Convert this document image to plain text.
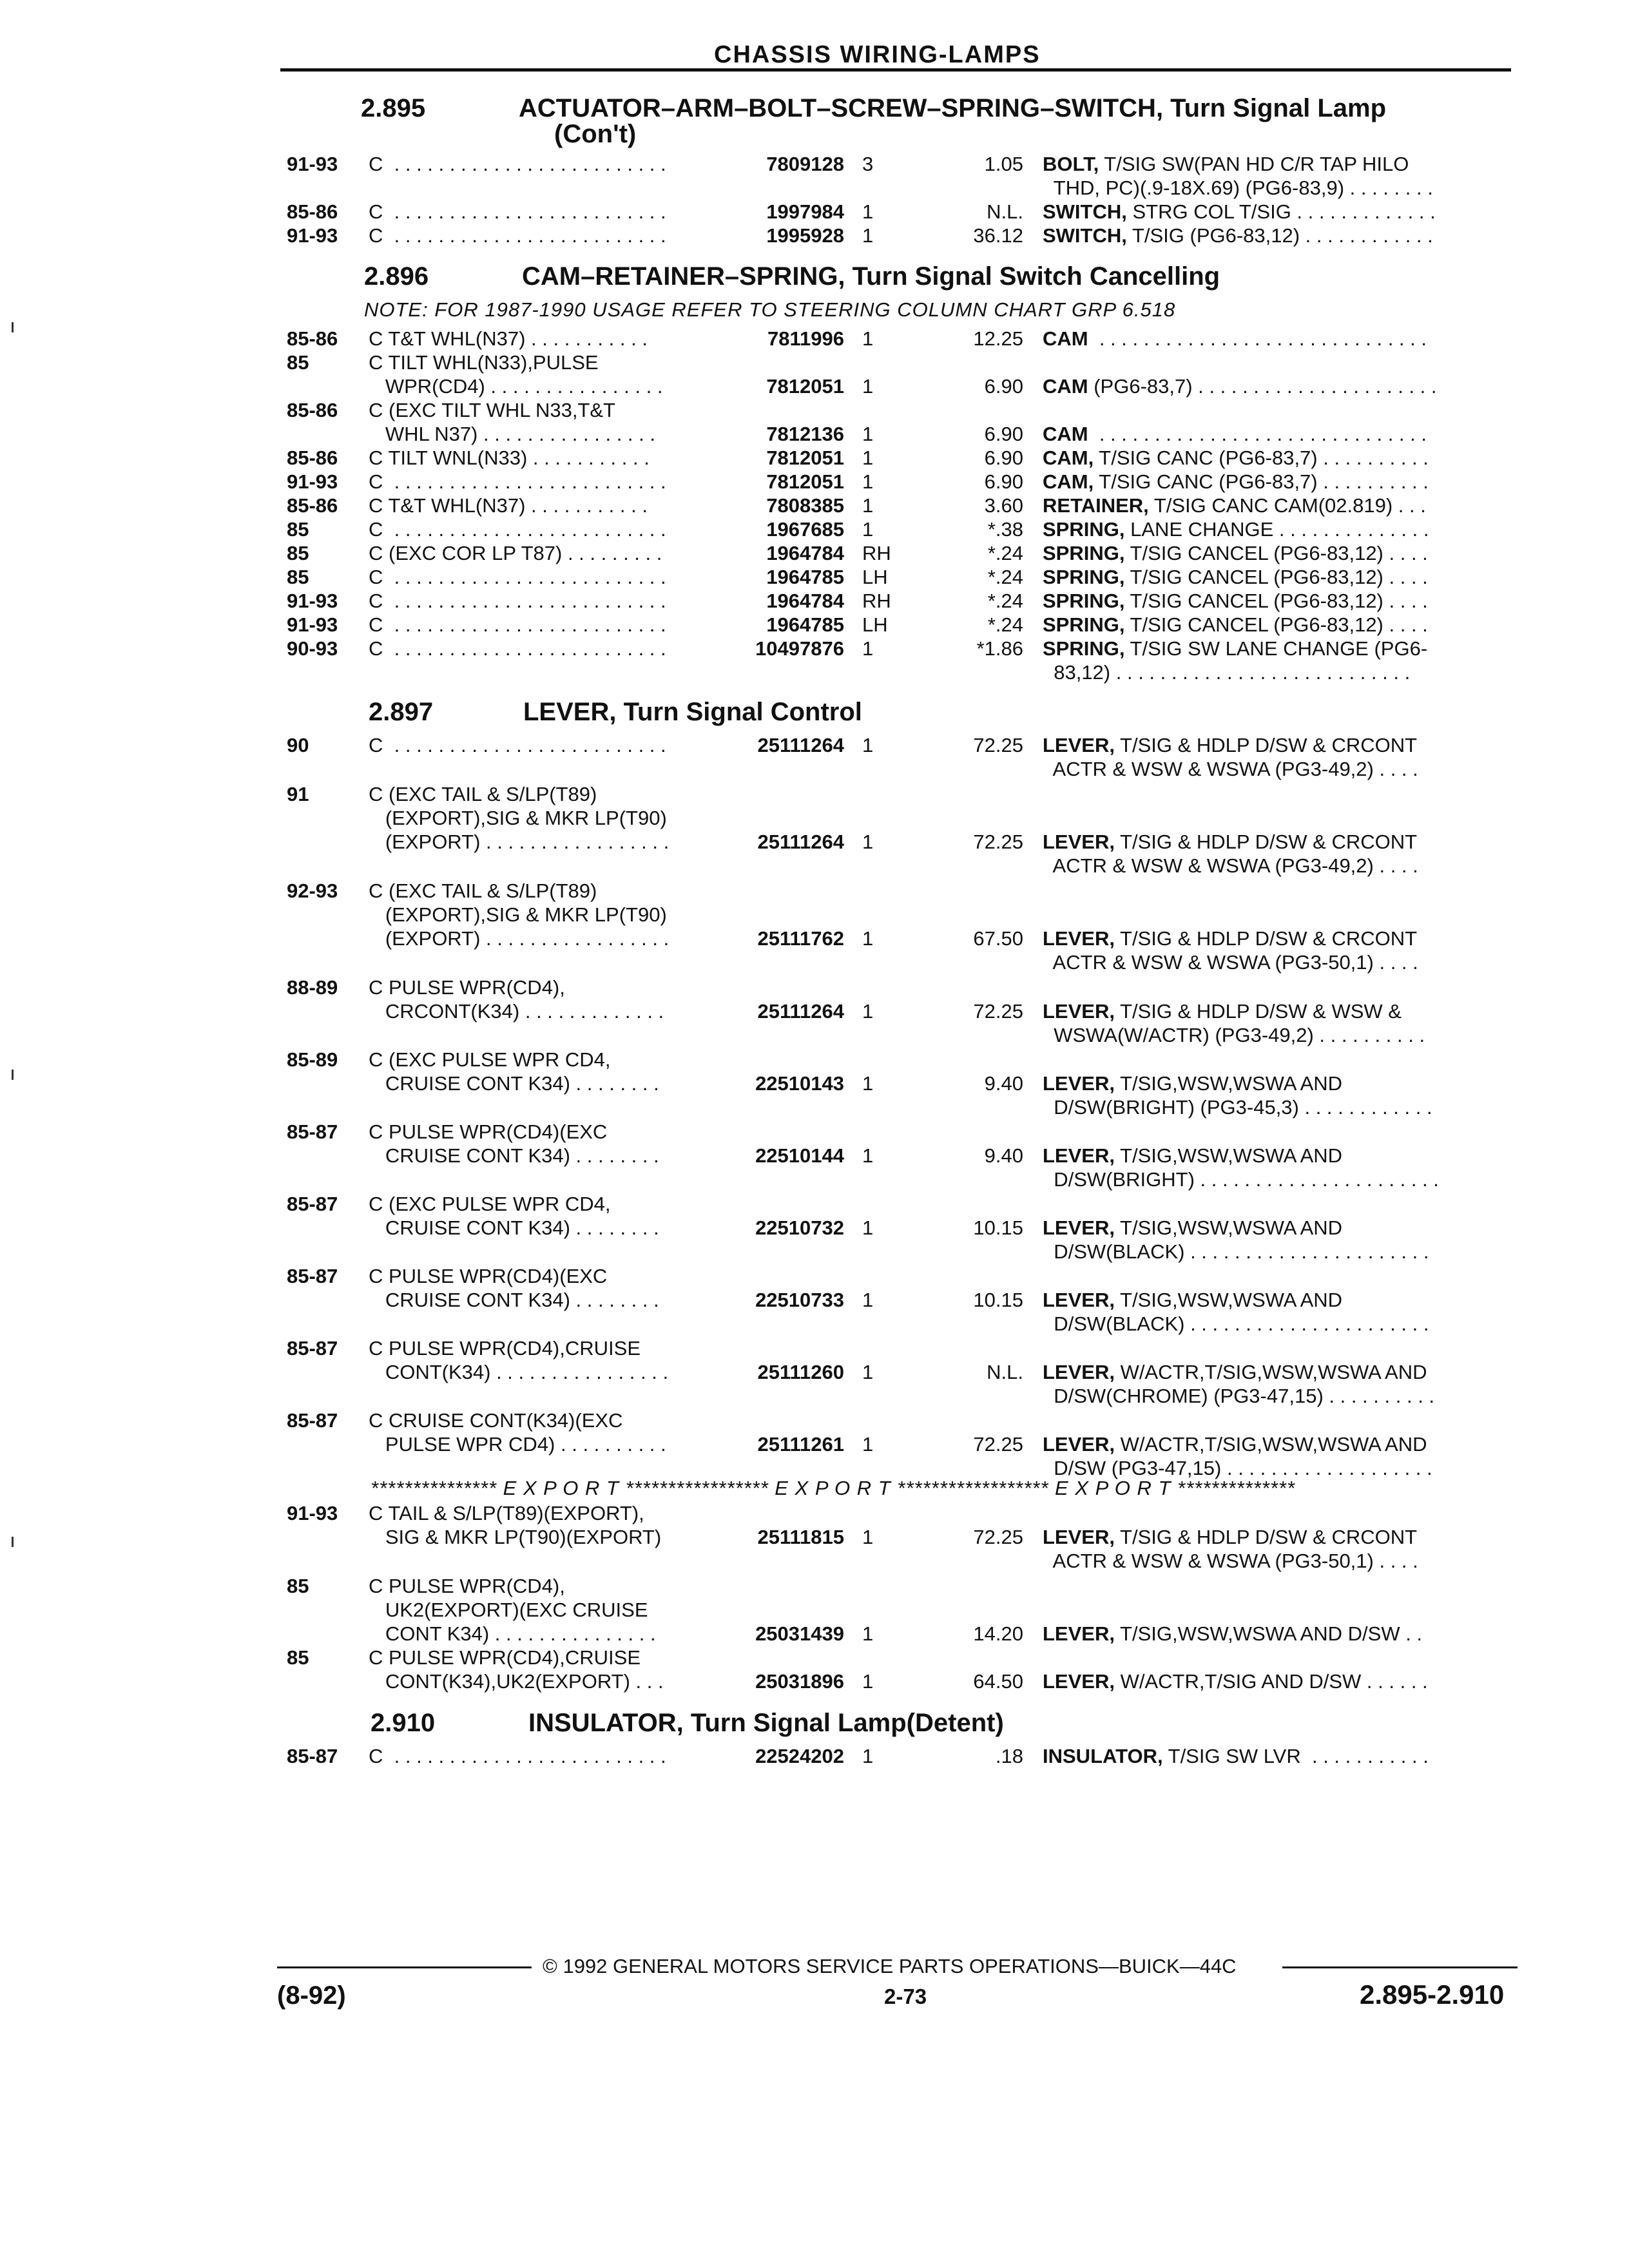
CHASSIS WIRING-LAMPS
2.895	ACTUATOR–ARM–BOLT–SCREW–SPRING–SWITCH, Turn Signal Lamp
(Con't)
2.896	CAM–RETAINER–SPRING, Turn Signal Switch Cancelling
NOTE: FOR 1987-1990 USAGE REFER TO STEERING COLUMN CHART GRP 6.518
2.897	LEVER, Turn Signal Control
2.910	INSULATOR, Turn Signal Lamp(Detent)
91-93 C  . . . . . . . . . . . . . . . . . . . . . . . . .	7809128 3	1.05 BOLT, T/SIG SW(PAN HD C/R TAP HILO
THD, PC)(.9-18X.69) (PG6-83,9) . . . . . . . .
85-86 C  . . . . . . . . . . . . . . . . . . . . . . . . .	1997984 1	N.L. SWITCH, STRG COL T/SIG . . . . . . . . . . . . .
91-93 C  . . . . . . . . . . . . . . . . . . . . . . . . .	1995928 1	36.12 SWITCH, T/SIG (PG6-83,12) . . . . . . . . . . . .
85-86 C T&T WHL(N37) . . . . . . . . . . .	7811996 1	12.25 CAM  . . . . . . . . . . . . . . . . . . . . . . . . . . . . . .
85	C TILT WHL(N33),PULSE
WPR(CD4) . . . . . . . . . . . . . . . .	7812051 1	6.90 CAM (PG6-83,7) . . . . . . . . . . . . . . . . . . . . . .
85-86 C (EXC TILT WHL N33,T&T
WHL N37) . . . . . . . . . . . . . . . .	7812136 1	6.90 CAM  . . . . . . . . . . . . . . . . . . . . . . . . . . . . . .
85-86 C TILT WNL(N33) . . . . . . . . . . .	7812051 1	6.90 CAM, T/SIG CANC (PG6-83,7) . . . . . . . . . .
91-93 C  . . . . . . . . . . . . . . . . . . . . . . . . .	7812051 1	6.90 CAM, T/SIG CANC (PG6-83,7) . . . . . . . . . .
85-86 C T&T WHL(N37) . . . . . . . . . . .	7808385 1	3.60 RETAINER, T/SIG CANC CAM(02.819) . . .
85	C  . . . . . . . . . . . . . . . . . . . . . . . . .	1967685 1	*.38 SPRING, LANE CHANGE . . . . . . . . . . . . . .
85	C (EXC COR LP T87) . . . . . . . . .	1964784 RH	*.24 SPRING, T/SIG CANCEL (PG6-83,12) . . . .
85	C  . . . . . . . . . . . . . . . . . . . . . . . . .	1964785 LH	*.24 SPRING, T/SIG CANCEL (PG6-83,12) . . . .
91-93 C  . . . . . . . . . . . . . . . . . . . . . . . . .	1964784 RH	*.24 SPRING, T/SIG CANCEL (PG6-83,12) . . . .
91-93 C  . . . . . . . . . . . . . . . . . . . . . . . . .	1964785 LH	*.24 SPRING, T/SIG CANCEL (PG6-83,12) . . . .
90-93 C  . . . . . . . . . . . . . . . . . . . . . . . . .	10497876 1	*1.86 SPRING, T/SIG SW LANE CHANGE (PG6-
83,12) . . . . . . . . . . . . . . . . . . . . . . . . . . .
90	C  . . . . . . . . . . . . . . . . . . . . . . . . .	25111264 1	72.25 LEVER, T/SIG & HDLP D/SW & CRCONT
ACTR & WSW & WSWA (PG3-49,2) . . . .
91	C (EXC TAIL & S/LP(T89)
(EXPORT),SIG & MKR LP(T90)
(EXPORT) . . . . . . . . . . . . . . . . .	25111264 1	72.25 LEVER, T/SIG & HDLP D/SW & CRCONT
ACTR & WSW & WSWA (PG3-49,2) . . . .
92-93 C (EXC TAIL & S/LP(T89)
(EXPORT),SIG & MKR LP(T90)
(EXPORT) . . . . . . . . . . . . . . . . .	25111762 1	67.50 LEVER, T/SIG & HDLP D/SW & CRCONT
ACTR & WSW & WSWA (PG3-50,1) . . . .
88-89 C PULSE WPR(CD4),
CRCONT(K34) . . . . . . . . . . . . .	25111264 1	72.25 LEVER, T/SIG & HDLP D/SW & WSW &
WSWA(W/ACTR) (PG3-49,2) . . . . . . . . . .
85-89 C (EXC PULSE WPR CD4,
CRUISE CONT K34) . . . . . . . .	22510143 1	9.40 LEVER, T/SIG,WSW,WSWA AND
D/SW(BRIGHT) (PG3-45,3) . . . . . . . . . . . .
85-87 C PULSE WPR(CD4)(EXC
CRUISE CONT K34) . . . . . . . .	22510144 1	9.40 LEVER, T/SIG,WSW,WSWA AND
D/SW(BRIGHT) . . . . . . . . . . . . . . . . . . . . . .
85-87 C (EXC PULSE WPR CD4,
CRUISE CONT K34) . . . . . . . .	22510732 1	10.15 LEVER, T/SIG,WSW,WSWA AND
D/SW(BLACK) . . . . . . . . . . . . . . . . . . . . . .
85-87 C PULSE WPR(CD4)(EXC
CRUISE CONT K34) . . . . . . . .	22510733 1	10.15 LEVER, T/SIG,WSW,WSWA AND
D/SW(BLACK) . . . . . . . . . . . . . . . . . . . . . .
85-87 C PULSE WPR(CD4),CRUISE
CONT(K34) . . . . . . . . . . . . . . . .	25111260 1	N.L. LEVER, W/ACTR,T/SIG,WSW,WSWA AND
D/SW(CHROME) (PG3-47,15) . . . . . . . . . .
85-87 C CRUISE CONT(K34)(EXC
PULSE WPR CD4) . . . . . . . . . .	25111261 1	72.25 LEVER, W/ACTR,T/SIG,WSW,WSWA AND
D/SW (PG3-47,15) . . . . . . . . . . . . . . . . . . .
*************** E X P O R T ***************** E X P O R T ****************** E X P O R T **************
91-93 C TAIL & S/LP(T89)(EXPORT),
SIG & MKR LP(T90)(EXPORT)	25111815 1	72.25 LEVER, T/SIG & HDLP D/SW & CRCONT
ACTR & WSW & WSWA (PG3-50,1) . . . .
85	C PULSE WPR(CD4),
UK2(EXPORT)(EXC CRUISE
CONT K34) . . . . . . . . . . . . . . .	25031439 1	14.20 LEVER, T/SIG,WSW,WSWA AND D/SW . .
85	C PULSE WPR(CD4),CRUISE
CONT(K34),UK2(EXPORT) . . .	25031896 1	64.50 LEVER, W/ACTR,T/SIG AND D/SW . . . . . .
85-87 C  . . . . . . . . . . . . . . . . . . . . . . . . .	22524202 1	.18 INSULATOR, T/SIG SW LVR  . . . . . . . . . . .
© 1992 GENERAL MOTORS SERVICE PARTS OPERATIONS—BUICK—44C
(8-92)	2-73	2.895-2.910
